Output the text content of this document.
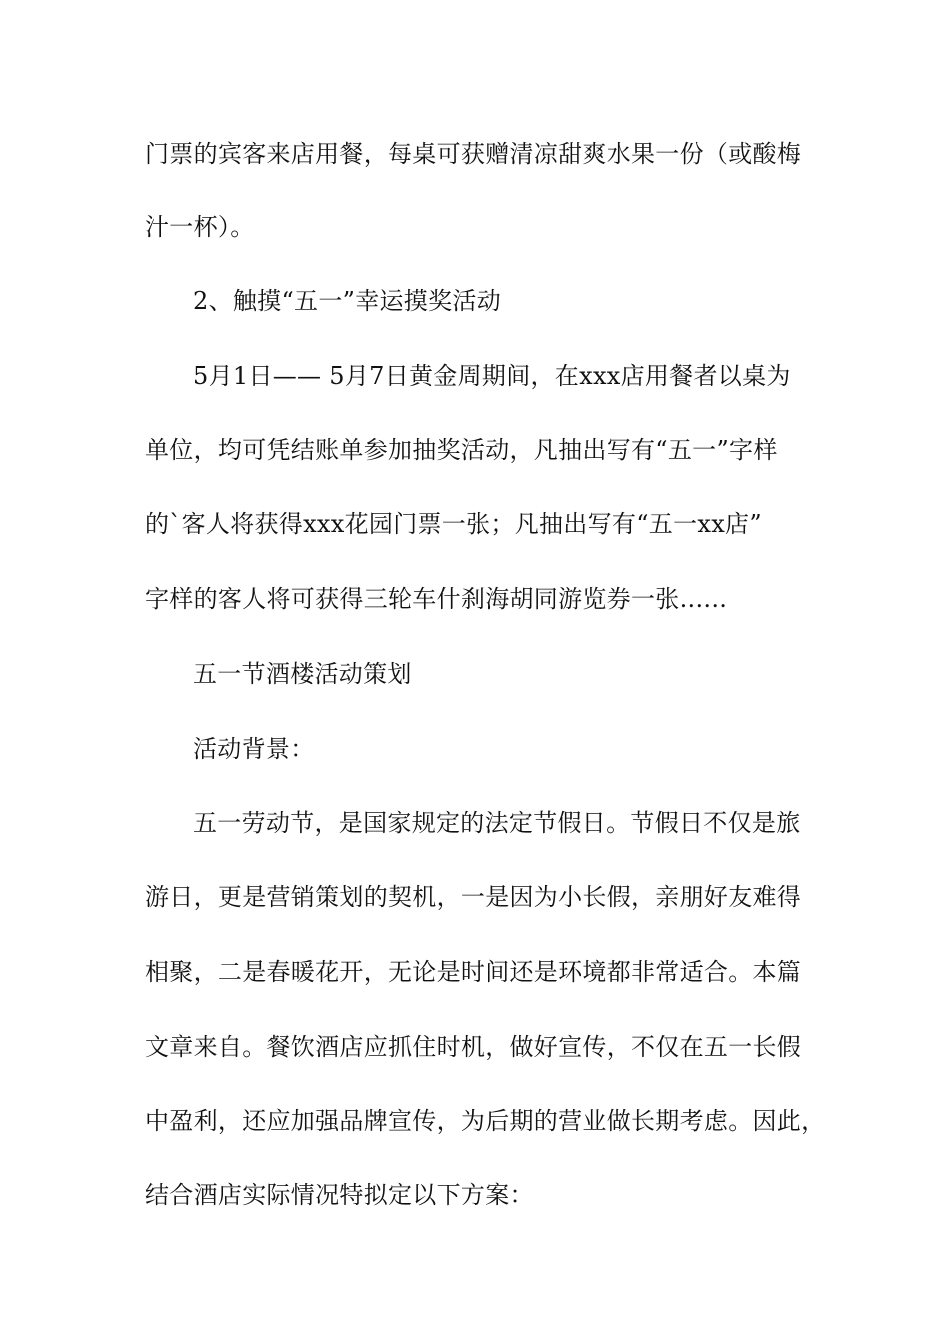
门票的宾客来店用餐，每桌可获赠清凉甜爽水果一份（或酸梅
汁一杯）。
2、触摸“五一”幸运摸奖活动
5月1日—— 5月7日黄金周期间，在xxx店用餐者以桌为
单位，均可凭结账单参加抽奖活动，凡抽出写有“五一”字样
的`客人将获得xxx花园门票一张；凡抽出写有“五一xx店”
字样的客人将可获得三轮车什刹海胡同游览券一张......
五一节酒楼活动策划
活动背景：
五一劳动节，是国家规定的法定节假日。节假日不仅是旅
游日，更是营销策划的契机，一是因为小长假，亲朋好友难得
相聚，二是春暖花开，无论是时间还是环境都非常适合。本篇
文章来自。餐饮酒店应抓住时机，做好宣传，不仅在五一长假
中盈利，还应加强品牌宣传，为后期的营业做长期考虑。因此，
结合酒店实际情况特拟定以下方案：
